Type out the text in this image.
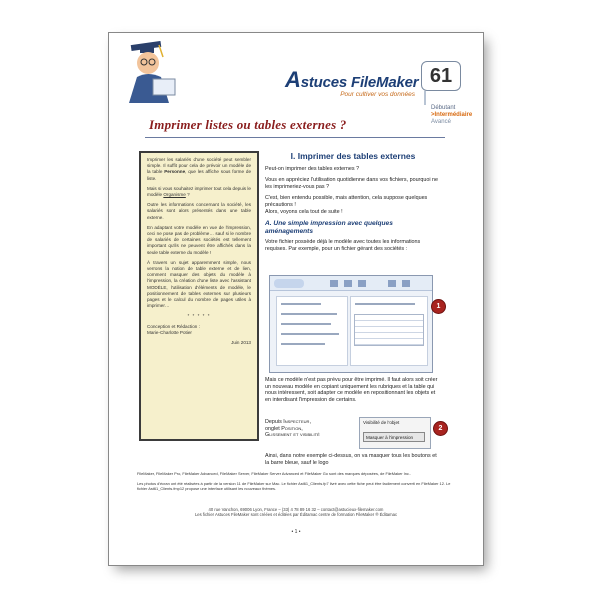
Astuces FileMaker
Pour cultiver vos données
61
Débutant
>Intermédiaire
Avancé
Imprimer listes ou tables externes ?

Imprimer les salariés d'une société peut sembler simple. Il suffit pour cela de prévoir un modèle de la table Personne, que les affiche sous forme de liste.

Mais si vous souhaitez imprimer tout cela depuis le modèle Organisme ?

Outre les informations concernant la société, les salariés sont alors présentés dans une table externe.

En adaptant votre modèle en vue de l'impression, ceci ne pose pas de problème… sauf si le nombre de salariés de certaines sociétés est tellement important qu'ils ne peuvent être affichés dans la seule table externe du modèle !

À travers un sujet apparemment simple, nous verrons la notion de table externe et de lien, comment masquer des objets du modèle à l'impression, la création d'une liste avec l'assistant MODÈLE, l'utilisation d'éléments de modèle, le positionnement de tables externes sur plusieurs pages et le calcul du nombre de pages utiles à imprimer…

* * * * *

Conception et Rédaction :

Marie-Charlotte Potier

Juin 2013
I. Imprimer des tables externes

Peut-on imprimer des tables externes ?

Vous en appréciez l'utilisation quotidienne dans vos fichiers, pourquoi ne les imprimeriez-vous pas ?

C'est, bien entendu possible, mais attention, cela suppose quelques précautions !
Alors, voyons cela tout de suite !

A. Une simple impression avec quelques aménagements

Votre fichier possède déjà le modèle avec toutes les informations requises. Par exemple, pour un fichier gérant des sociétés :

1

Mais ce modèle n'est pas prévu pour être imprimé. Il faut alors soit créer un nouveau modèle en copiant uniquement les rubriques et la table qui nous intéressent, soit adapter ce modèle en repositionnant les objets et en interdisant l'impression de certains.

Depuis Inspecteur,
onglet Position,
Glissement et visibilité
Visibilité de l'objet
Masquer à l'impression
2
Ainsi, dans notre exemple ci-dessus, on va masquer tous les boutons et la barre bleue, sauf le logo

FileMaker, FileMaker Pro, FileMaker Advanced, FileMaker Server, FileMaker Server Advanced et FileMaker Go sont des marques déposées, de FileMaker Inc..

Les photos d'écran ont été réalisées à partir de la version 11 de FileMaker sur Mac. Le fichier Ast61_Clients.fp7 livré avec cette fiche peut être facilement converti en FileMaker 12. Le fichier Ast61_Clients.fmp12 propose une interface utilisant les nouveaux thèmes.

40 rue Vanchon, 69006 Lyon, France – (33) 4 78 89 16 32 – contact@astucieux-filemaker.com
Les fichier Astuces FileMaker sont créées et éditées par Éditamac centre de formation FileMaker ® Éditamac
• 1 •
